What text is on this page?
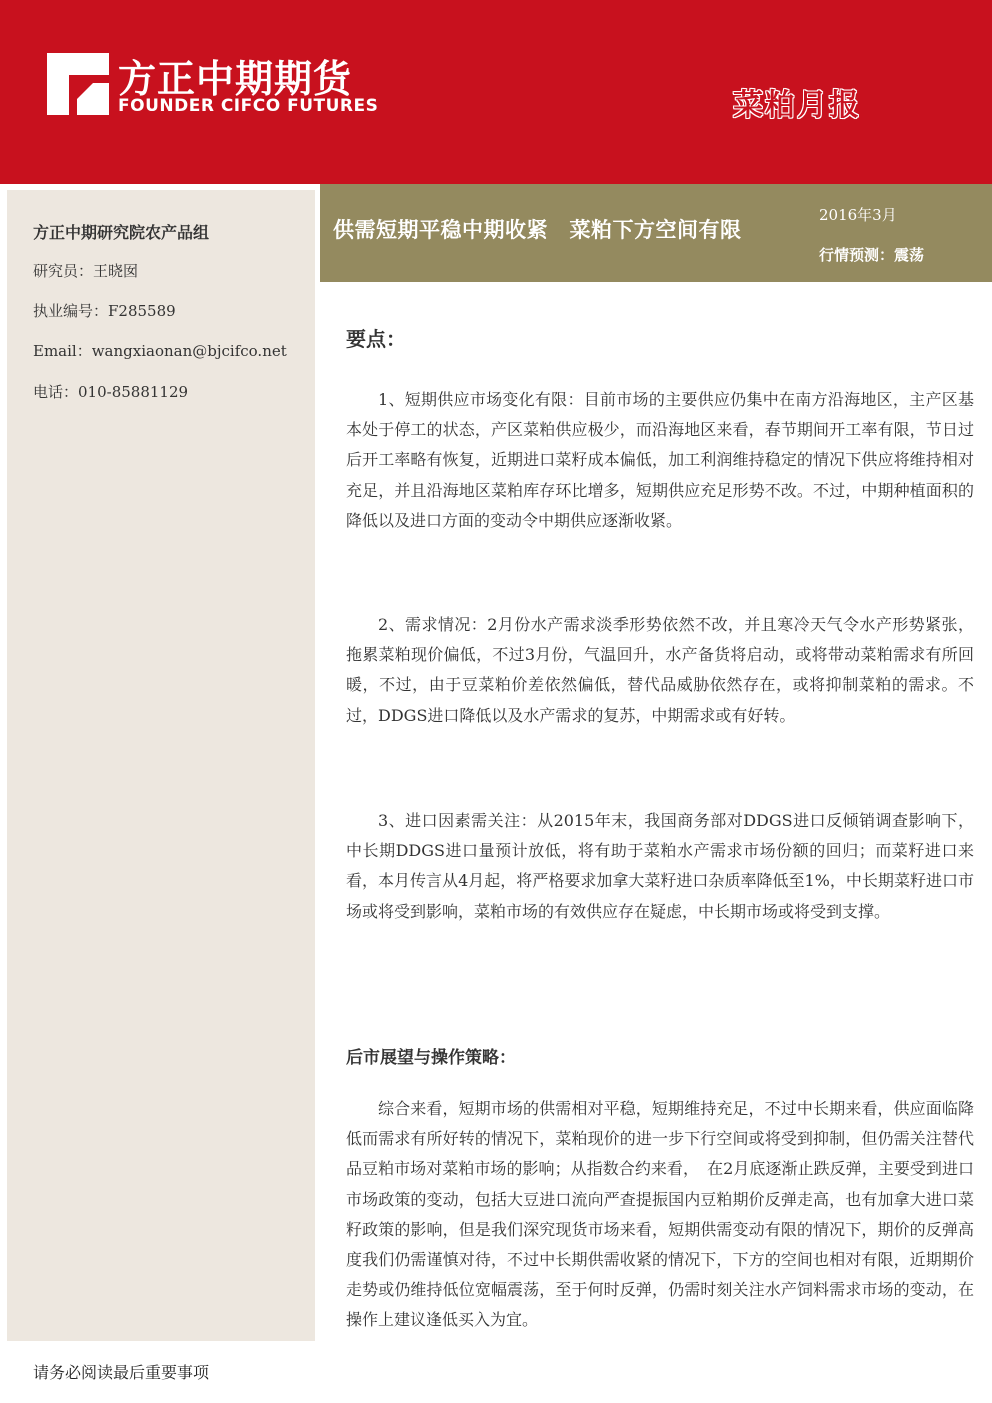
方正中期期货
FOUNDER CIFCO FUTURES	菜粕月报

方正中期研究院农产品组

研究员：王晓囡

执业编号：F285589

Email：wangxiaonan@bjcifco.net

电话：010-85881129

供需短期平稳中期收紧　菜粕下方空间有限

2016年3月
行情预测：震荡

要点：

1、短期供应市场变化有限：目前市场的主要供应仍集中在南方沿海地区，主产区基本处于停工的状态，产区菜粕供应极少，而沿海地区来看，春节期间开工率有限，节日过后开工率略有恢复，近期进口菜籽成本偏低，加工利润维持稳定的情况下供应将维持相对充足，并且沿海地区菜粕库存环比增多，短期供应充足形势不改。不过，中期种植面积的降低以及进口方面的变动令中期供应逐渐收紧。

2、需求情况：2月份水产需求淡季形势依然不改，并且寒冷天气令水产形势紧张，拖累菜粕现价偏低，不过3月份，气温回升，水产备货将启动，或将带动菜粕需求有所回暖，不过，由于豆菜粕价差依然偏低，替代品威胁依然存在，或将抑制菜粕的需求。不过，DDGS进口降低以及水产需求的复苏，中期需求或有好转。

3、进口因素需关注：从2015年末，我国商务部对DDGS进口反倾销调查影响下，中长期DDGS进口量预计放低，将有助于菜粕水产需求市场份额的回归；而菜籽进口来看，本月传言从4月起，将严格要求加拿大菜籽进口杂质率降低至1%，中长期菜籽进口市场或将受到影响，菜粕市场的有效供应存在疑虑，中长期市场或将受到支撑。

后市展望与操作策略：

综合来看，短期市场的供需相对平稳，短期维持充足，不过中长期来看，供应面临降低而需求有所好转的情况下，菜粕现价的进一步下行空间或将受到抑制，但仍需关注替代品豆粕市场对菜粕市场的影响；从指数合约来看，　在2月底逐渐止跌反弹，主要受到进口市场政策的变动，包括大豆进口流向严查提振国内豆粕期价反弹走高，也有加拿大进口菜籽政策的影响，但是我们深究现货市场来看，短期供需变动有限的情况下，期价的反弹高度我们仍需谨慎对待，不过中长期供需收紧的情况下，下方的空间也相对有限，近期期价走势或仍维持低位宽幅震荡，至于何时反弹，仍需时刻关注水产饲料需求市场的变动，在操作上建议逢低买入为宜。

请务必阅读最后重要事项
